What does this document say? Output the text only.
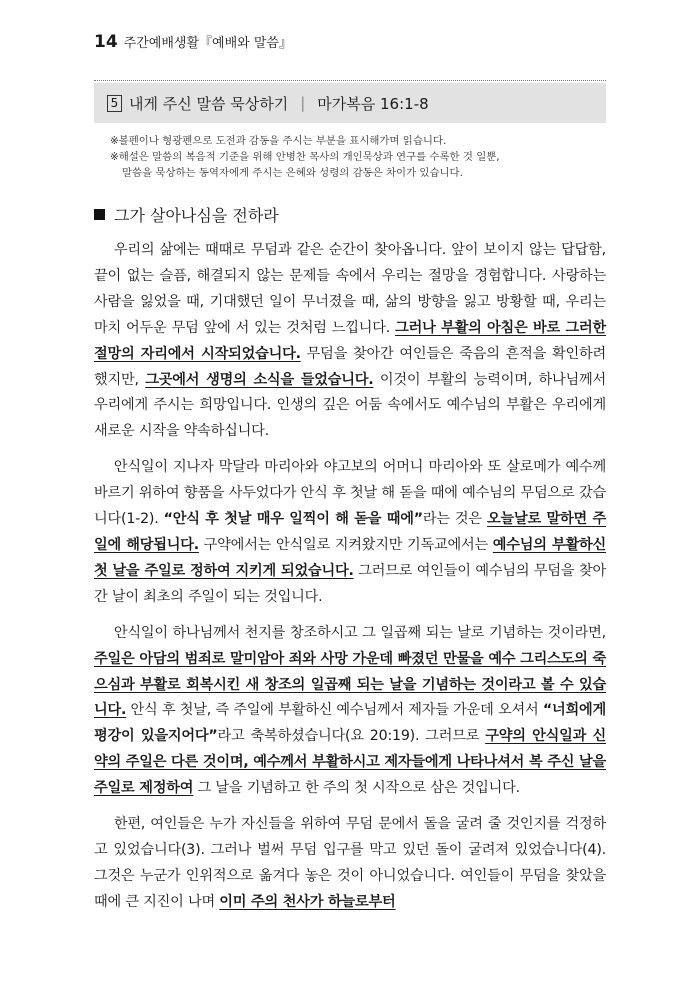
14 주간예배생활『예배와 말씀』
5 내게 주신 말씀 묵상하기 | 마가복음 16:1-8
※볼펜이나 형광펜으로 도전과 감동을 주시는 부분을 표시해가며 읽습니다.
※해설은 말씀의 복음적 기준을 위해 안병찬 목사의 개인묵상과 연구를 수록한 것 일뿐,
말씀을 묵상하는 동역자에게 주시는 은혜와 성령의 감동은 차이가 있습니다.
그가 살아나심을 전하라

우리의 삶에는 때때로 무덤과 같은 순간이 찾아옵니다. 앞이 보이지 않는 답답함, 끝이 없는 슬픔, 해결되지 않는 문제들 속에서 우리는 절망을 경험합니다. 사랑하는 사람을 잃었을 때, 기대했던 일이 무너졌을 때, 삶의 방향을 잃고 방황할 때, 우리는 마치 어두운 무덤 앞에 서 있는 것처럼 느낍니다. 그러나 부활의 아침은 바로 그러한 절망의 자리에서 시작되었습니다. 무덤을 찾아간 여인들은 죽음의 흔적을 확인하려 했지만, 그곳에서 생명의 소식을 들었습니다. 이것이 부활의 능력이며, 하나님께서 우리에게 주시는 희망입니다. 인생의 깊은 어둠 속에서도 예수님의 부활은 우리에게 새로운 시작을 약속하십니다.

안식일이 지나자 막달라 마리아와 야고보의 어머니 마리아와 또 살로메가 예수께 바르기 위하여 향품을 사두었다가 안식 후 첫날 해 돋을 때에 예수님의 무덤으로 갔습니다(1-2). “안식 후 첫날 매우 일찍이 해 돋을 때에”라는 것은 오늘날로 말하면 주일에 해당됩니다. 구약에서는 안식일로 지켜왔지만 기독교에서는 예수님의 부활하신 첫 날을 주일로 정하여 지키게 되었습니다. 그러므로 여인들이 예수님의 무덤을 찾아간 날이 최초의 주일이 되는 것입니다.

안식일이 하나님께서 천지를 창조하시고 그 일곱째 되는 날로 기념하는 것이라면, 주일은 아담의 범죄로 말미암아 죄와 사망 가운데 빠졌던 만물을 예수 그리스도의 죽으심과 부활로 회복시킨 새 창조의 일곱째 되는 날을 기념하는 것이라고 볼 수 있습니다. 안식 후 첫날, 즉 주일에 부활하신 예수님께서 제자들 가운데 오셔서 “너희에게 평강이 있을지어다”라고 축복하셨습니다(요 20:19). 그러므로 구약의 안식일과 신약의 주일은 다른 것이며, 예수께서 부활하시고 제자들에게 나타나셔서 복 주신 날을 주일로 제정하여 그 날을 기념하고 한 주의 첫 시작으로 삼은 것입니다.

한편, 여인들은 누가 자신들을 위하여 무덤 문에서 돌을 굴려 줄 것인지를 걱정하고 있었습니다(3). 그러나 벌써 무덤 입구를 막고 있던 돌이 굴려져 있었습니다(4). 그것은 누군가 인위적으로 옮겨다 놓은 것이 아니었습니다. 여인들이 무덤을 찾았을 때에 큰 지진이 나며 이미 주의 천사가 하늘로부터
